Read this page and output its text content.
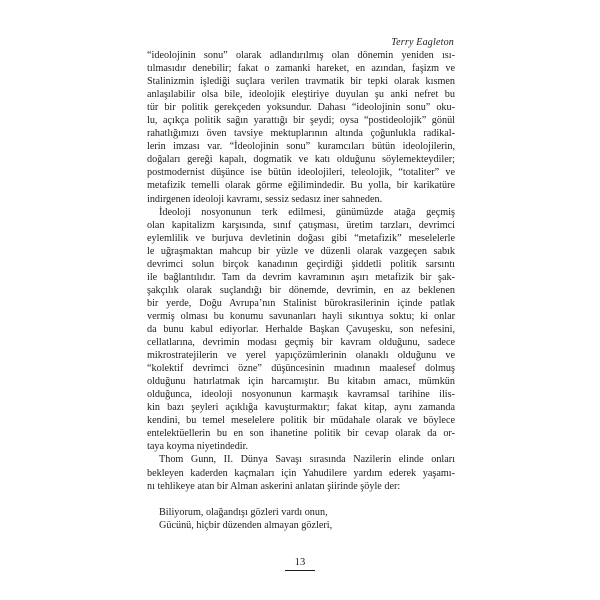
Terry Eagleton
“ideolojinin sonu” olarak adlandırılmış olan dönemin yeniden ısı-
tılmasıdır denebilir; fakat o zamanki hareket, en azından, faşizm ve
Stalinizmin işlediği suçlara verilen travmatik bir tepki olarak kısmen
anlaşılabilir olsa bile, ideolojik eleştiriye duyulan şu anki nefret bu
tür bir politik gerekçeden yoksundur. Dahası “ideolojinin sonu” oku-
lu, açıkça politik sağın yarattığı bir şeydi; oysa “postideolojik” gönül
rahatlığımızı öven tavsiye mektuplarının altında çoğunlukla radikal-
lerin imzası var. “İdeolojinin sonu” kuramcıları bütün ideolojilerin,
doğaları gereği kapalı, dogmatik ve katı olduğunu söylemekteydiler;
postmodernist düşünce ise bütün ideolojileri, teleolojik, “totaliter” ve
metafizik temelli olarak görme eğilimindedir. Bu yolla, bir karikatüre
indirgenen ideoloji kavramı, sessiz sedasız iner sahneden.
İdeoloji nosyonunun terk edilmesi, günümüzde atağa geçmiş
olan kapitalizm karşısında, sınıf çatışması, üretim tarzları, devrimci
eylemlilik ve burjuva devletinin doğası gibi “metafizik” meselelerle
le uğraşmaktan mahcup bir yüzle ve düzenli olarak vazgeçen sabık
devrimci solun birçok kanadının geçirdiği şiddetli politik sarsıntı
ile bağlantılıdır. Tam da devrim kavramının aşırı metafizik bir şak-
şakçılık olarak suçlandığı bir dönemde, devrimin, en az beklenen
bir yerde, Doğu Avrupa’nın Stalinist bürokrasilerinin içinde patlak
vermiş olması bu konumu savunanları hayli sıkıntıya soktu; ki onlar
da bunu kabul ediyorlar. Herhalde Başkan Çavuşesku, son nefesini,
cellatlarına, devrimin modası geçmiş bir kavram olduğunu, sadece
mikrostratejilerin ve yerel yapıçözümlerinin olanaklı olduğunu ve
“kolektif devrimci özne” düşüncesinin mıadının maalesef dolmuş
olduğunu hatırlatmak için harcamıştır. Bu kitabın amacı, mümkün
olduğunca, ideoloji nosyonunun karmaşık kavramsal tarihine ilis-
kin bazı şeyleri açıklığa kavuşturmaktır; fakat kitap, aynı zamanda
kendini, bu temel meselelere politik bir müdahale olarak ve böylece
entelektüellerin bu en son ihanetine politik bir cevap olarak da or-
taya koyma niyetindedir.
Thom Gunn, II. Dünya Savaşı sırasında Nazilerin elinde onları
bekleyen kaderden kaçmaları için Yahudilere yardım ederek yaşamı-
nı tehlikeye atan bir Alman askerini anlatan şiirinde şöyle der:
Biliyorum, olağandışı gözleri vardı onun,
Gücünü, hiçbir düzenden almayan gözleri,
13
